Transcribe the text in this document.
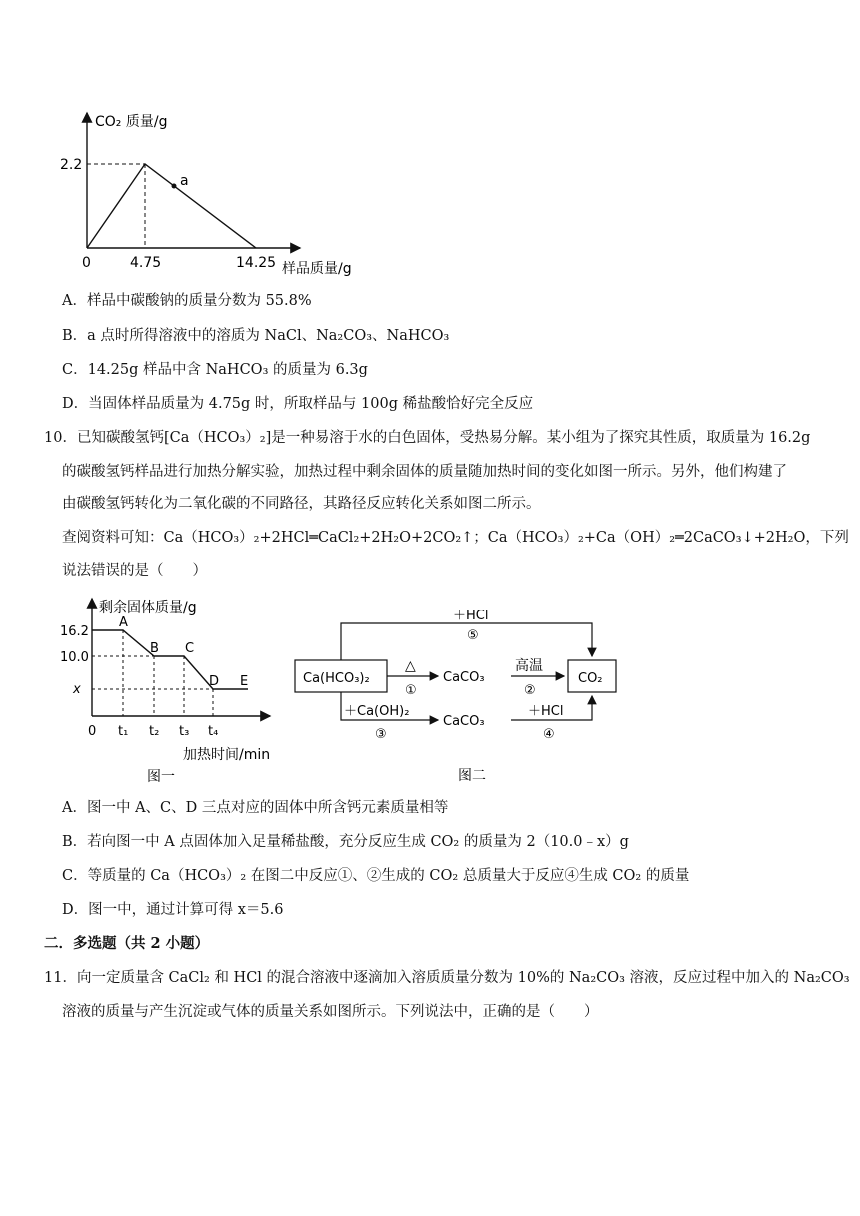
a
CO₂ 质量/g
2.2
0	4.75	14.25 样品质量/g
A．样品中碳酸钠的质量分数为 55.8%
B．a 点时所得溶液中的溶质为 NaCl、Na₂CO₃、NaHCO₃
C．14.25g 样品中含 NaHCO₃ 的质量为 6.3g
D．当固体样品质量为 4.75g 时，所取样品与 100g 稀盐酸恰好完全反应
10．已知碳酸氢钙[Ca（HCO₃）₂]是一种易溶于水的白色固体，受热易分解。某小组为了探究其性质，取质量为 16.2g
的碳酸氢钙样品进行加热分解实验，加热过程中剩余固体的质量随加热时间的变化如图一所示。另外，他们构建了
由碳酸氢钙转化为二氧化碳的不同路径，其路径反应转化关系如图二所示。
查阅资料可知：Ca（HCO₃）₂+2HCl═CaCl₂+2H₂O+2CO₂↑；Ca（HCO₃）₂+Ca（OH）₂═2CaCO₃↓+2H₂O，下列
说法错误的是（　　）
剩余固体质量/g
16.2
10.0
x
A
B C
D E
0 t₁ t₂ t₃ t₄
加热时间/min
图一
Ca(HCO₃)₂	CO₂
＋HCl
⑤
△
①
CaCO₃
高温
②
＋Ca(OH)₂
③
CaCO₃
＋HCl
④
图二
A．图一中 A、C、D 三点对应的固体中所含钙元素质量相等
B．若向图一中 A 点固体加入足量稀盐酸，充分反应生成 CO₂ 的质量为 2（10.0﹣x）g
C．等质量的 Ca（HCO₃）₂ 在图二中反应①、②生成的 CO₂ 总质量大于反应④生成 CO₂ 的质量
D．图一中，通过计算可得 x＝5.6
二．多选题（共 2 小题）
11．向一定质量含 CaCl₂ 和 HCl 的混合溶液中逐滴加入溶质质量分数为 10%的 Na₂CO₃ 溶液，反应过程中加入的 Na₂CO₃
溶液的质量与产生沉淀或气体的质量关系如图所示。下列说法中，正确的是（　　）
